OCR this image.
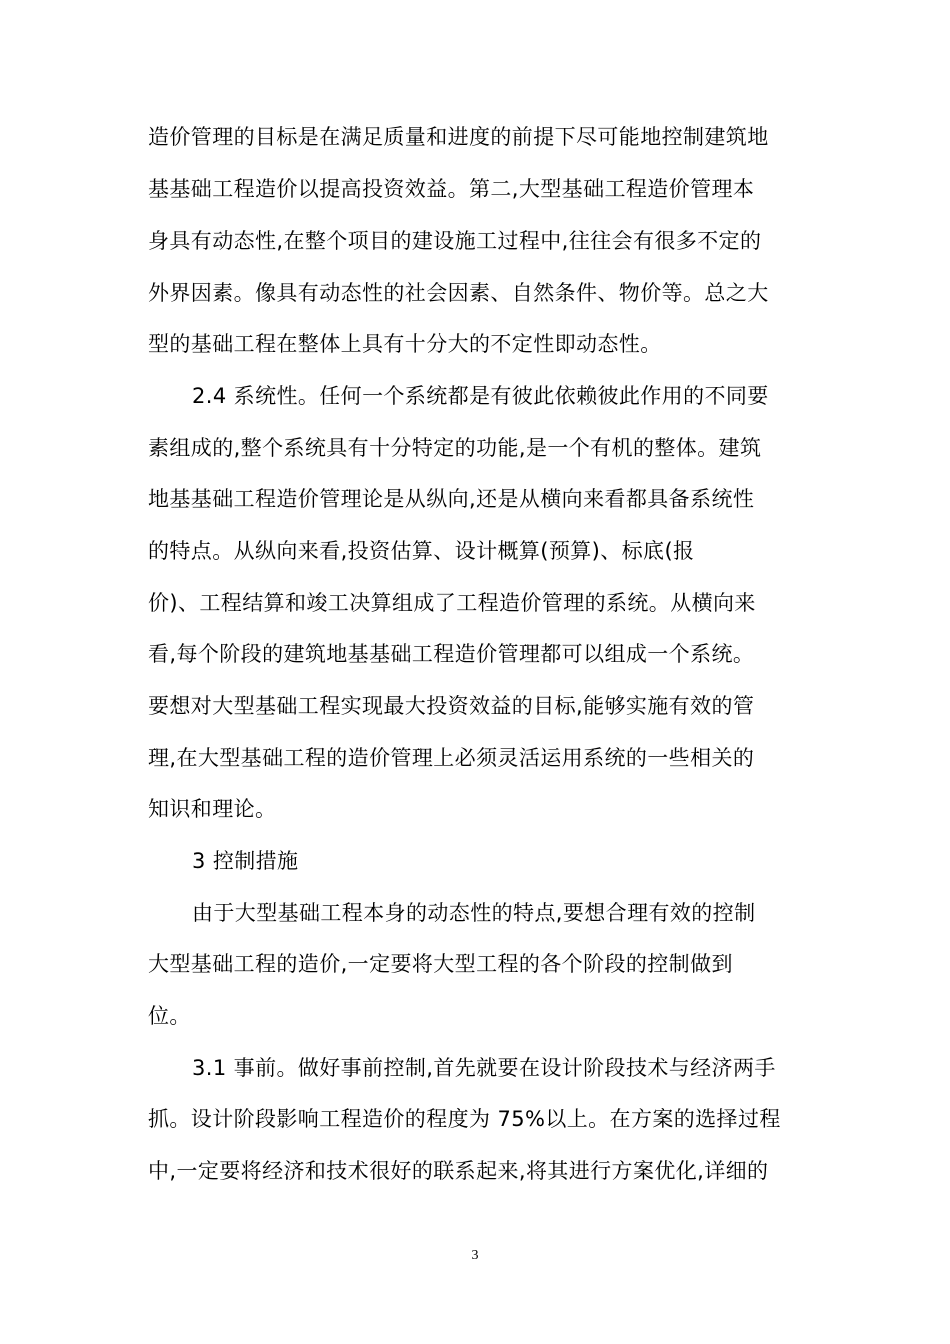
造价管理的目标是在满足质量和进度的前提下尽可能地控制建筑地
基基础工程造价以提高投资效益。第二,大型基础工程造价管理本
身具有动态性,在整个项目的建设施工过程中,往往会有很多不定的
外界因素。像具有动态性的社会因素、自然条件、物价等。总之大
型的基础工程在整体上具有十分大的不定性即动态性。
2.4 系统性。任何一个系统都是有彼此依赖彼此作用的不同要
素组成的,整个系统具有十分特定的功能,是一个有机的整体。建筑
地基基础工程造价管理论是从纵向,还是从横向来看都具备系统性
的特点。从纵向来看,投资估算、设计概算(预算)、标底(报
价)、工程结算和竣工决算组成了工程造价管理的系统。从横向来
看,每个阶段的建筑地基基础工程造价管理都可以组成一个系统。
要想对大型基础工程实现最大投资效益的目标,能够实施有效的管
理,在大型基础工程的造价管理上必须灵活运用系统的一些相关的
知识和理论。
3 控制措施
由于大型基础工程本身的动态性的特点,要想合理有效的控制
大型基础工程的造价,一定要将大型工程的各个阶段的控制做到
位。
3.1 事前。做好事前控制,首先就要在设计阶段技术与经济两手
抓。设计阶段影响工程造价的程度为 75%以上。在方案的选择过程
中,一定要将经济和技术很好的联系起来,将其进行方案优化,详细的
3
